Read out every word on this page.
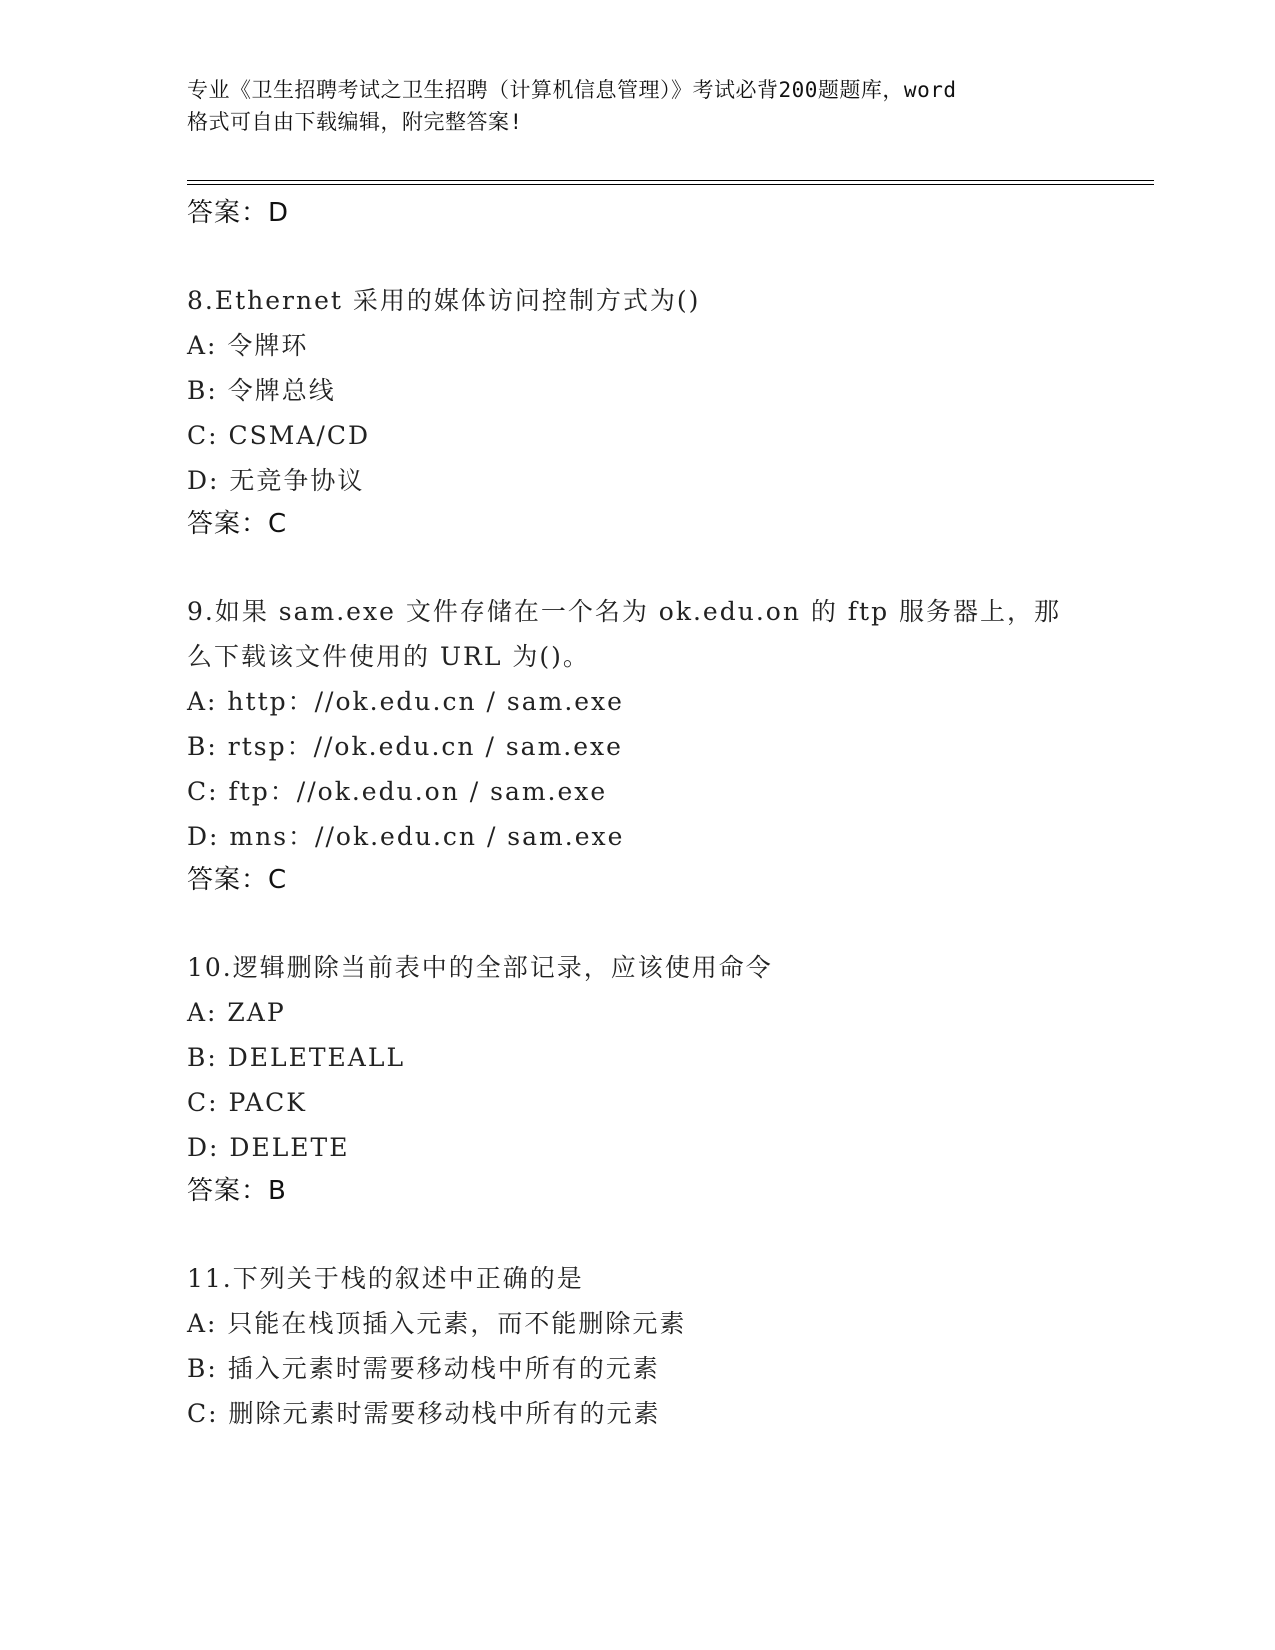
专业《卫生招聘考试之卫生招聘（计算机信息管理）》考试必背200题题库，word
格式可自由下载编辑，附完整答案!
答案：D
8.Ethernet 采用的媒体访问控制方式为()
A: 令牌环
B: 令牌总线
C: CSMA/CD
D: 无竞争协议
答案：C
9.如果 sam.exe 文件存储在一个名为 ok.edu.on 的 ftp 服务器上，那
么下载该文件使用的 URL 为()。
A: http：//ok.edu.cn / sam.exe
B: rtsp：//ok.edu.cn / sam.exe
C: ftp：//ok.edu.on / sam.exe
D: mns：//ok.edu.cn / sam.exe
答案：C
10.逻辑删除当前表中的全部记录，应该使用命令
A: ZAP
B: DELETEALL
C: PACK
D: DELETE
答案：B
11.下列关于栈的叙述中正确的是
A: 只能在栈顶插入元素，而不能删除元素
B: 插入元素时需要移动栈中所有的元素
C: 删除元素时需要移动栈中所有的元素
